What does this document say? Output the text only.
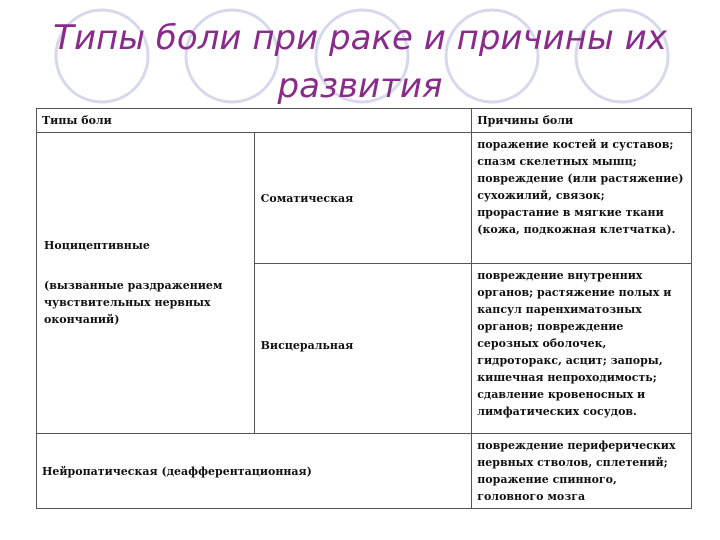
Типы боли при раке и причины их развития
Типы боли		Причины боли

Ноцицептивные
(вызванные раздражением чувствительных нервных окончаний)	Соматическая	поражение костей и суставов; спазм скелетных мышц; повреждение (или растяжение) сухожилий, связок; прорастание в мягкие ткани (кожа, подкожная клетчатка).

	Висцеральная	повреждение внутренних органов; растяжение полых и капсул паренхиматозных органов; повреждение серозных оболочек, гидроторакс, асцит; запоры, кишечная непроходимость; сдавление кровеносных и лимфатических сосудов.
Нейропатическая (деафферентационная)		повреждение периферических нервных стволов, сплетений; поражение спинного, головного мозга
